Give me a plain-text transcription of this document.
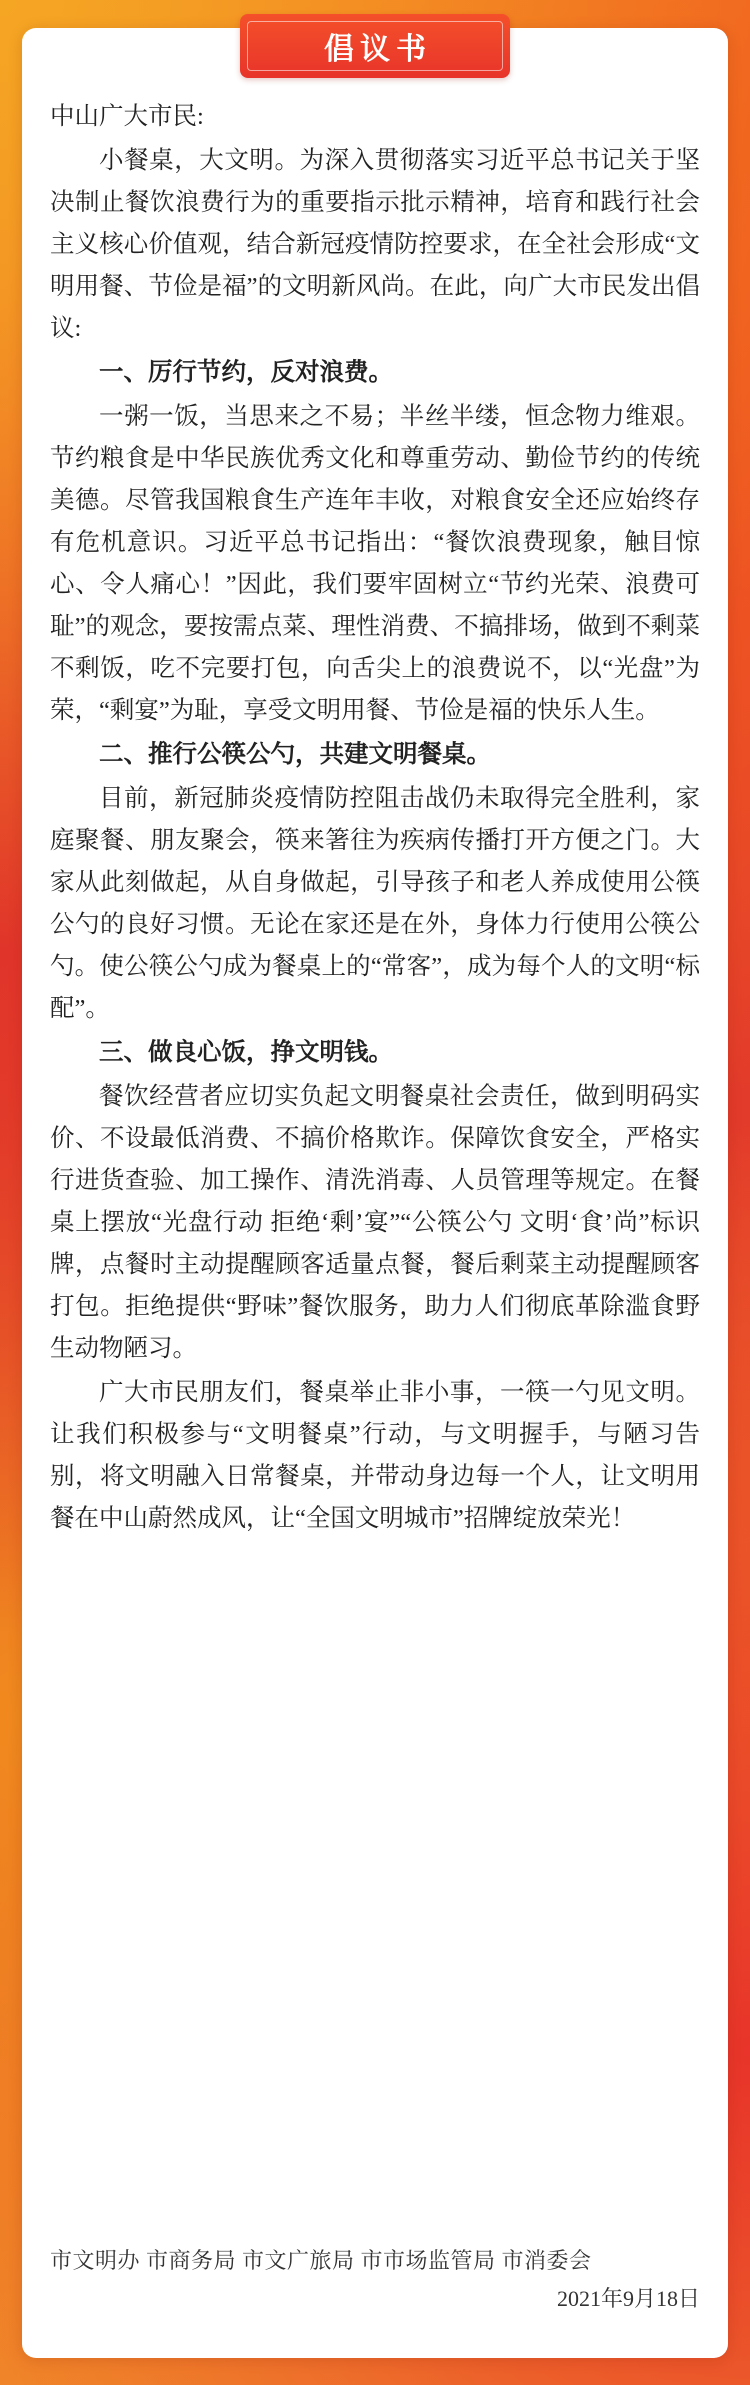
倡议书

中山广大市民:

小餐桌，大文明。为深入贯彻落实习近平总书记关于坚决制止餐饮浪费行为的重要指示批示精神，培育和践行社会主义核心价值观，结合新冠疫情防控要求，在全社会形成“文明用餐、节俭是福”的文明新风尚。在此，向广大市民发出倡议:

一、厉行节约，反对浪费。

一粥一饭，当思来之不易；半丝半缕，恒念物力维艰。节约粮食是中华民族优秀文化和尊重劳动、勤俭节约的传统美德。尽管我国粮食生产连年丰收，对粮食安全还应始终存有危机意识。习近平总书记指出：“餐饮浪费现象，触目惊心、令人痛心！”因此，我们要牢固树立“节约光荣、浪费可耻”的观念，要按需点菜、理性消费、不搞排场，做到不剩菜不剩饭，吃不完要打包，向舌尖上的浪费说不，以“光盘”为荣，“剩宴”为耻，享受文明用餐、节俭是福的快乐人生。

二、推行公筷公勺，共建文明餐桌。

目前，新冠肺炎疫情防控阻击战仍未取得完全胜利，家庭聚餐、朋友聚会，筷来箸往为疾病传播打开方便之门。大家从此刻做起，从自身做起，引导孩子和老人养成使用公筷公勺的良好习惯。无论在家还是在外，身体力行使用公筷公勺。使公筷公勺成为餐桌上的“常客”，成为每个人的文明“标配”。

三、做良心饭，挣文明钱。

餐饮经营者应切实负起文明餐桌社会责任，做到明码实价、不设最低消费、不搞价格欺诈。保障饮食安全，严格实行进货查验、加工操作、清洗消毒、人员管理等规定。在餐桌上摆放“光盘行动 拒绝‘剩’宴”“公筷公勺 文明‘食’尚”标识牌，点餐时主动提醒顾客适量点餐，餐后剩菜主动提醒顾客打包。拒绝提供“野味”餐饮服务，助力人们彻底革除滥食野生动物陋习。

广大市民朋友们，餐桌举止非小事，一筷一勺见文明。让我们积极参与“文明餐桌”行动，与文明握手，与陋习告别，将文明融入日常餐桌，并带动身边每一个人，让文明用餐在中山蔚然成风，让“全国文明城市”招牌绽放荣光！

市文明办 市商务局 市文广旅局 市市场监管局 市消委会
2021年9月18日
